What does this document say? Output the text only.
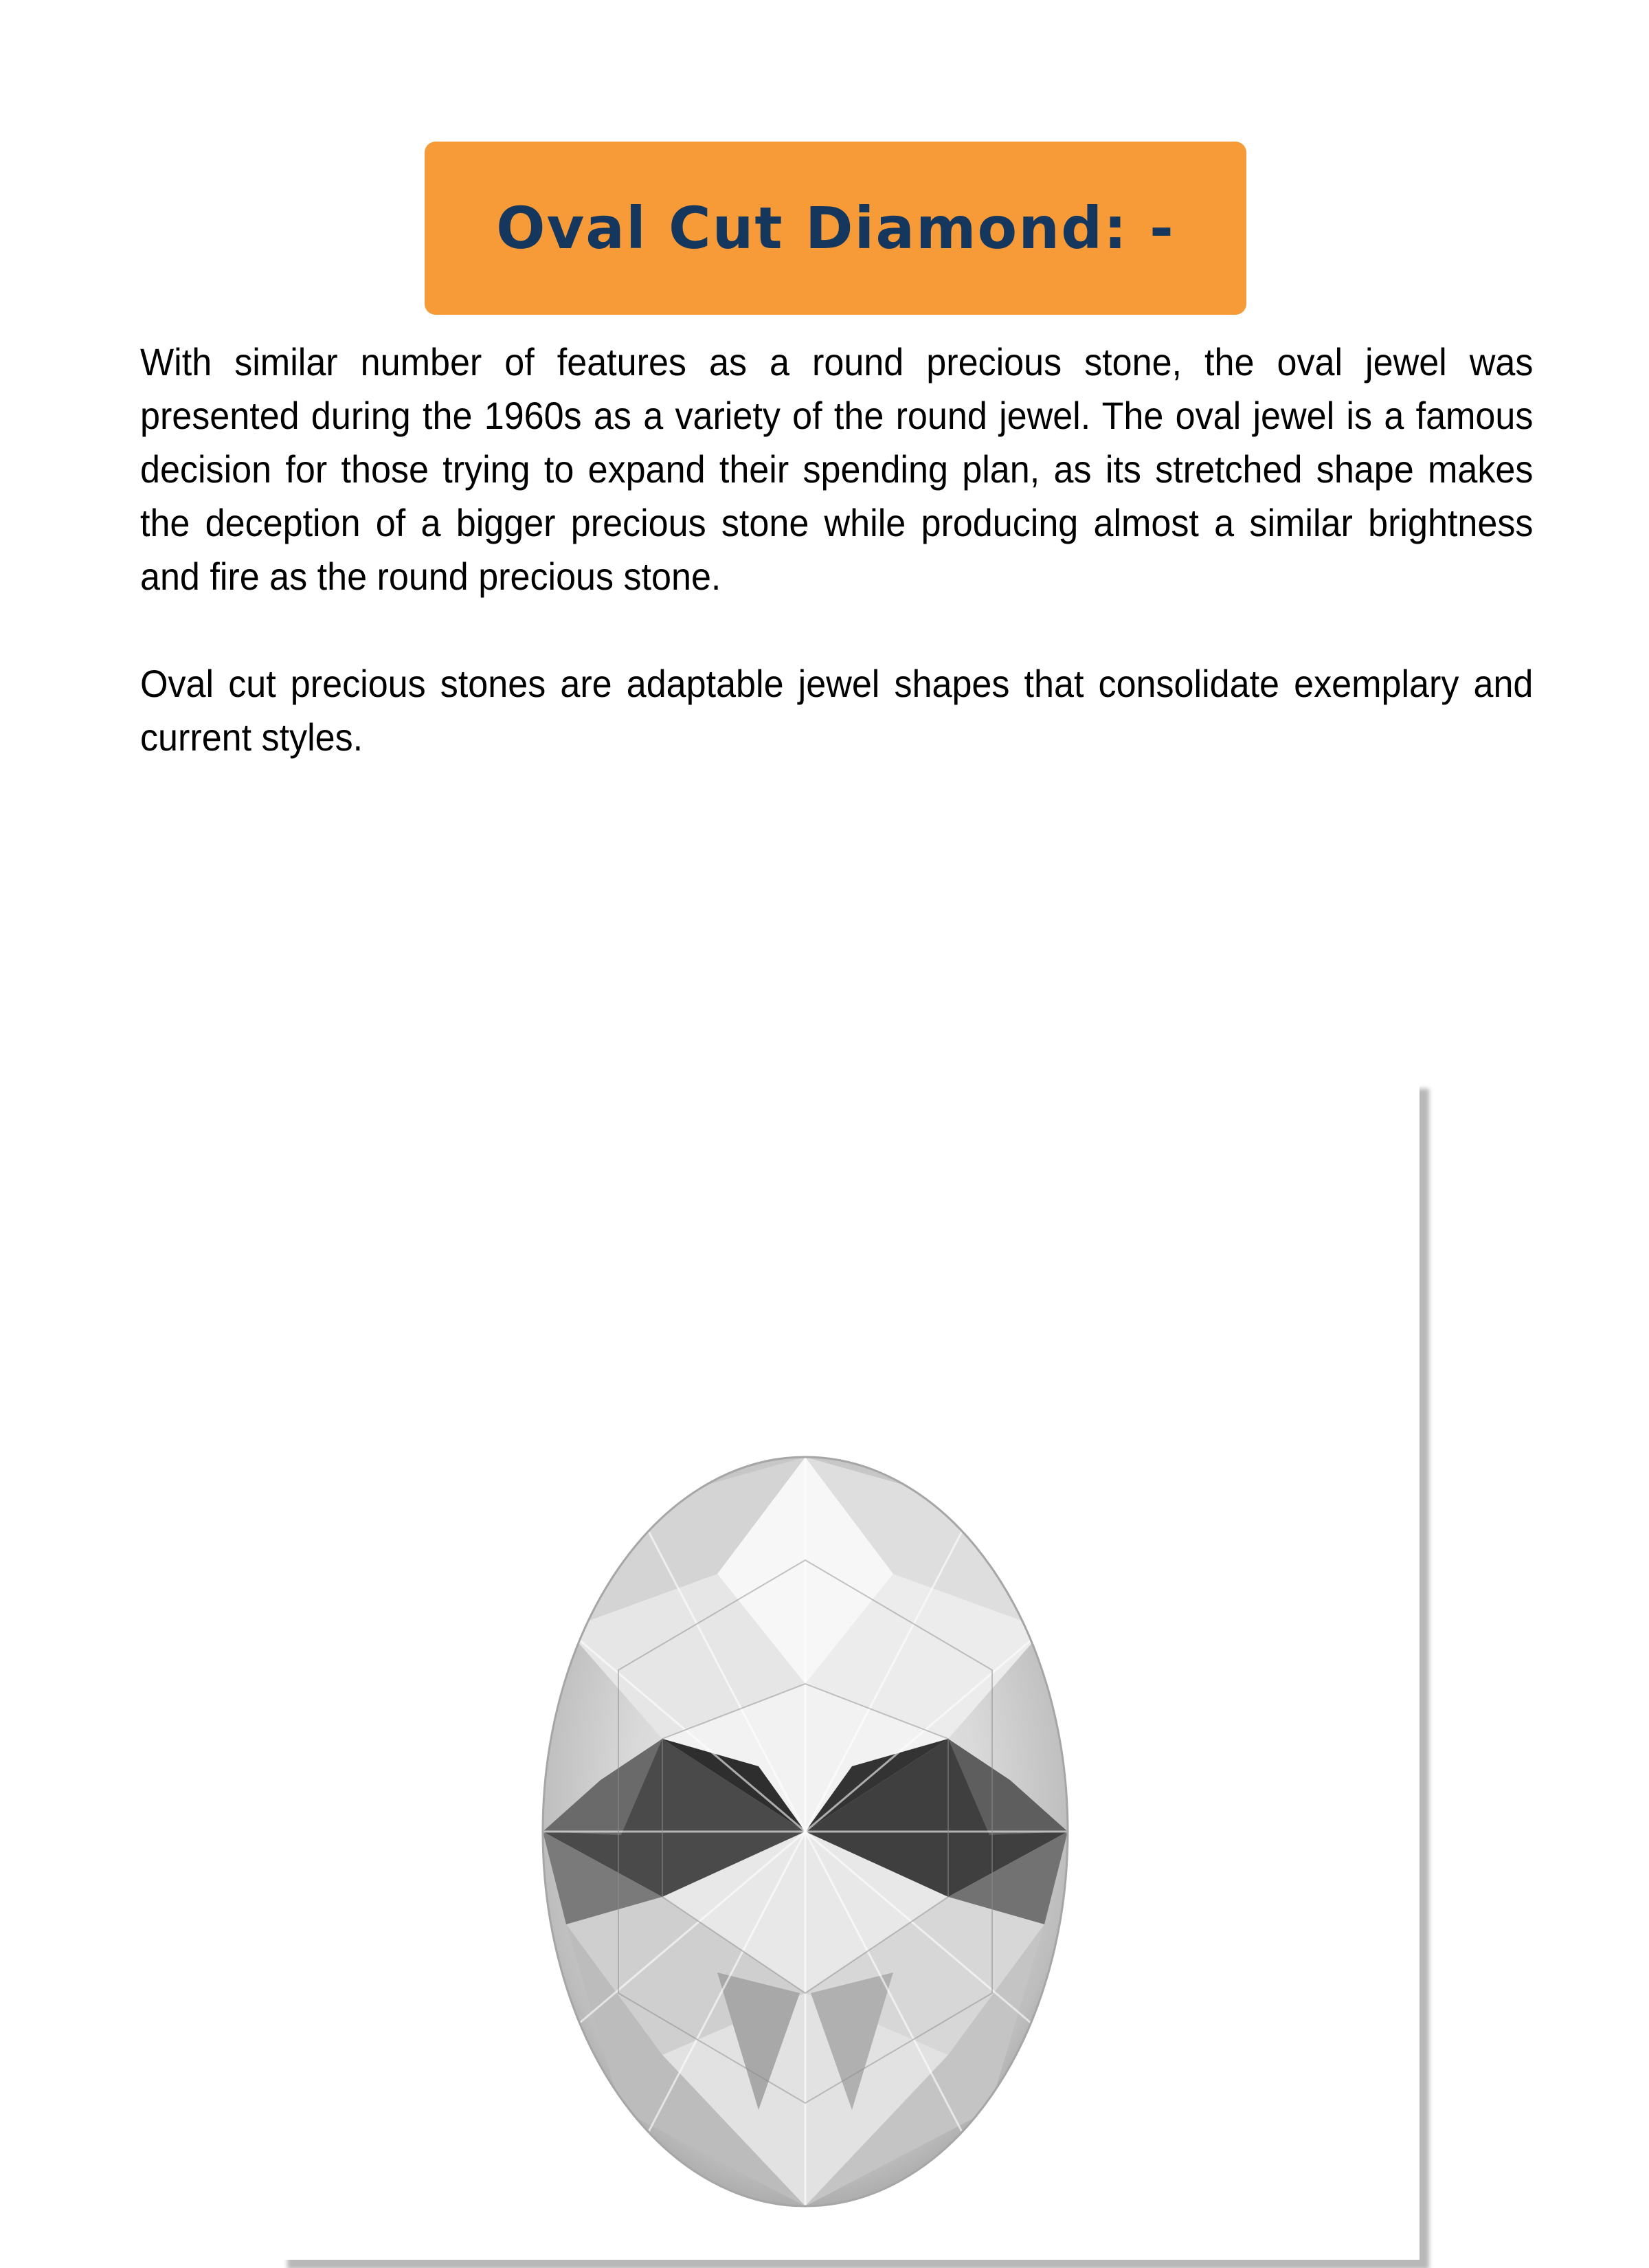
Oval Cut Diamond: -

With similar number of features as a round precious stone, the oval jewel was presented during the 1960s as a variety of the round jewel. The oval jewel is a famous decision for those trying to expand their spending plan, as its stretched shape makes the deception of a bigger precious stone while producing almost a similar brightness and fire as the round precious stone.

Oval cut precious stones are adaptable jewel shapes that consolidate exemplary and current styles.
